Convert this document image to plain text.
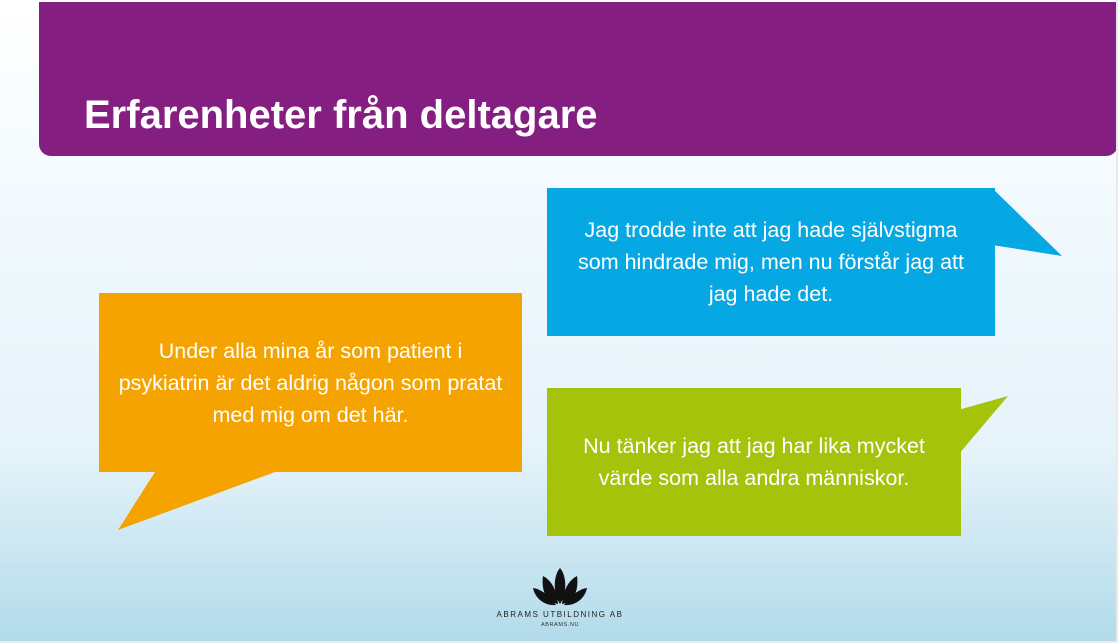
Erfarenheter från deltagare
Under alla mina år som patient i psykiatrin är det aldrig någon som pratat med mig om det här.
Jag trodde inte att jag hade självstigma som hindrade mig, men nu förstår jag att jag hade det.
Nu tänker jag att jag har lika mycket värde som alla andra människor.
ABRAMS UTBILDNING AB
ABRAMS.NU
